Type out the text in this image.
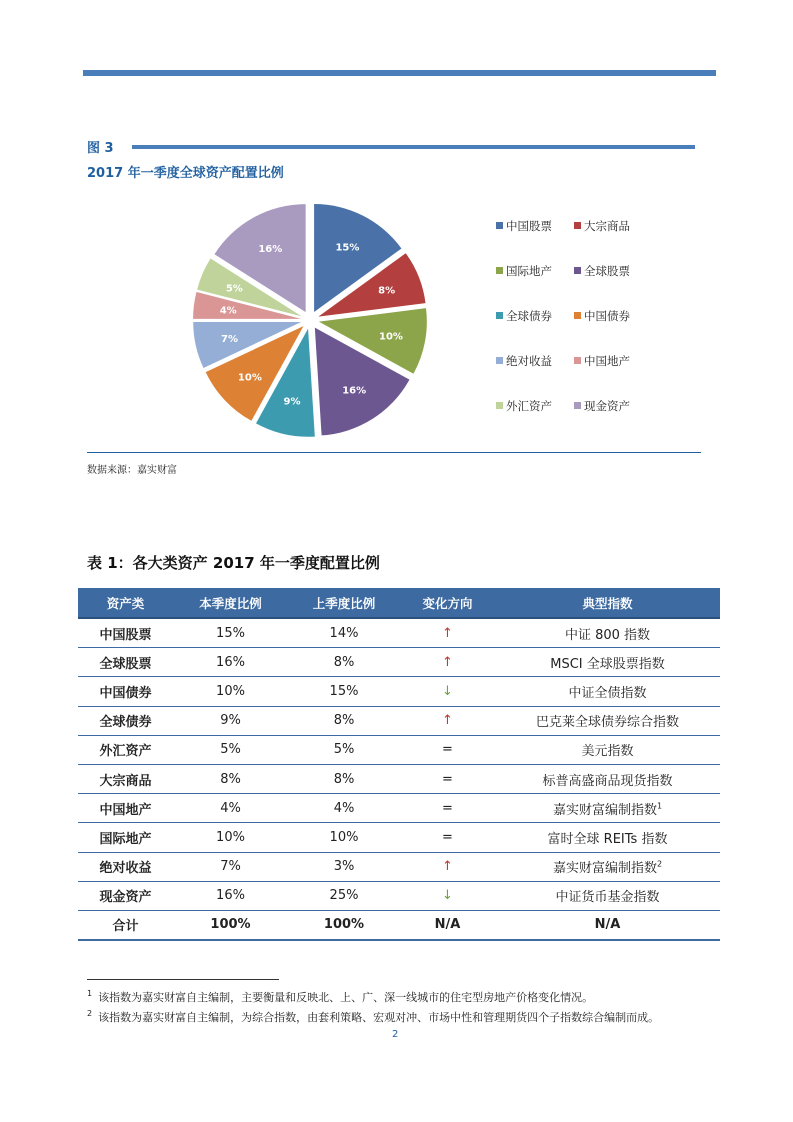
图 3
2017 年一季度全球资产配置比例
15%
8%
10%
16%
9%
10%
7%
4%
5%
16%
中国股票	大宗商品
国际地产	全球股票
全球债券	中国债券
绝对收益	中国地产
外汇资产	现金资产
数据来源：嘉实财富
表 1：各大类资产 2017 年一季度配置比例
资产类	本季度比例	上季度比例	变化方向	典型指数
中国股票	15%	14%	↑	中证 800 指数
全球股票	16%	8%	↑	MSCI 全球股票指数
中国债券	10%	15%	↓	中证全债指数
全球债券	9%	8%	↑	巴克莱全球债券综合指数
外汇资产	5%	5%	=	美元指数
大宗商品	8%	8%	=	标普高盛商品现货指数
中国地产	4%	4%	=	嘉实财富编制指数$^1$
国际地产	10%	10%	=	富时全球 REITs 指数
绝对收益	7%	3%	↑	嘉实财富编制指数$^2$
现金资产	16%	25%	↓	中证货币基金指数
合计	100%	100%	N/A	N/A
$^1$ 该指数为嘉实财富自主编制，主要衡量和反映北、上、广、深一线城市的住宅型房地产价格变化情况。
$^2$ 该指数为嘉实财富自主编制，为综合指数，由套利策略、宏观对冲、市场中性和管理期货四个子指数综合编制而成。
2
